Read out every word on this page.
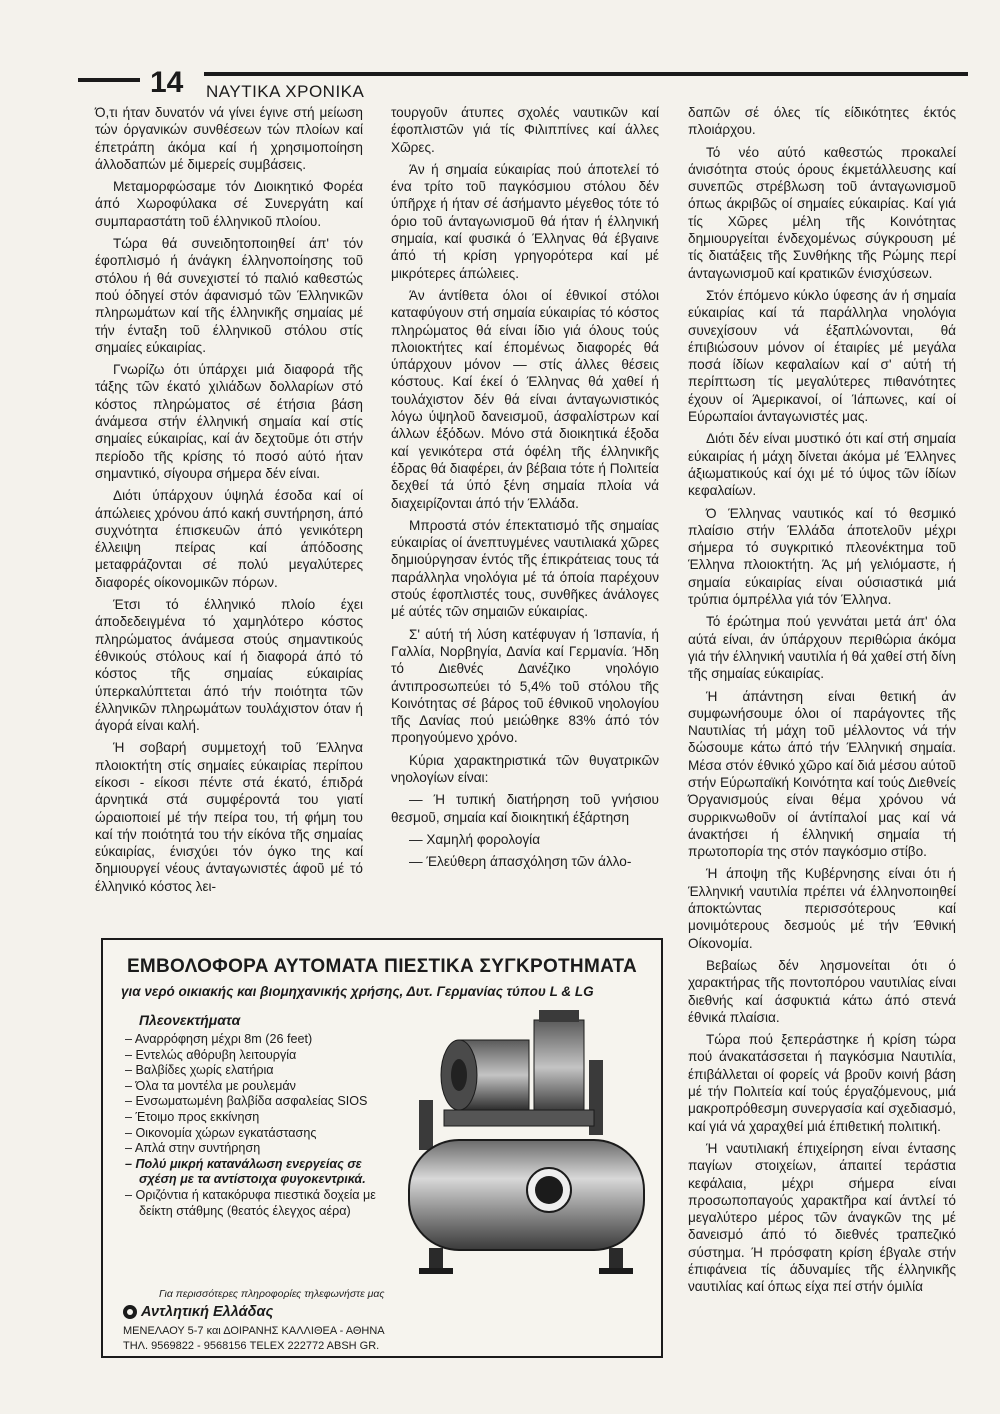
14 ΝΑΥΤΙΚΑ ΧΡΟΝΙΚΑ

Ό,τι ήταν δυνατόν νά γίνει έγινε στή μείωση τών όργανικών συνθέσεων τών πλοίων καί έπετράπη άκόμα καί ή χρησιμοποίηση άλλοδαπών μέ διμερείς συμβάσεις.

Μεταμορφώσαμε τόν Διοικητικό Φορέα άπό Χωροφύλακα σέ Συνεργάτη καί συμπαραστάτη τοῦ έλληνικοῦ πλοίου.

Τώρα θά συνειδητοποιηθεί άπ' τόν έφοπλισμό ή άνάγκη έλληνοποίησης τοῦ στόλου ή θά συνεχιστεί τό παλιό καθεστώς πού όδηγεί στόν άφανισμό τῶν Έλληνικῶν πληρωμάτων καί τῆς έλληνικῆς σημαίας μέ τήν ένταξη τοῦ έλληνικοῦ στόλου στίς σημαίες εύκαιρίας.

Γνωρίζω ότι ύπάρχει μιά διαφορά τῆς τάξης τῶν έκατό χιλιάδων δολλαρίων στό κόστος πληρώματος σέ έτήσια βάση άνάμεσα στήν έλληνική σημαία καί στίς σημαίες εύκαιρίας, καί άν δεχτοῦμε ότι στήν περίοδο τῆς κρίσης τό ποσό αύτό ήταν σημαντικό, σίγουρα σήμερα δέν είναι.

Διότι ύπάρχουν ύψηλά έσοδα καί οί άπώλειες χρόνου άπό κακή συντήρηση, άπό συχνότητα έπισκευῶν άπό γενικότερη έλλειψη πείρας καί άπόδοσης μεταφράζονται σέ πολύ μεγαλύτερες διαφορές οίκονομικῶν πόρων.

Έτσι τό έλληνικό πλοίο έχει άποδεδειγμένα τό χαμηλότερο κόστος πληρώματος άνάμεσα στούς σημαντικούς έθνικούς στόλους καί ή διαφορά άπό τό κόστος τῆς σημαίας εύκαιρίας ύπερκαλύπτεται άπό τήν ποιότητα τῶν έλληνικῶν πληρωμάτων τουλάχιστον όταν ή άγορά είναι καλή.

Ή σοβαρή συμμετοχή τοῦ Έλληνα πλοιοκτήτη στίς σημαίες εύκαιρίας περίπου είκοσι - είκοσι πέντε στά έκατό, έπιδρά άρνητικά στά συμφέροντά του γιατί ώραιοποιεί μέ τήν πείρα του, τή φήμη του καί τήν ποιότητά του τήν είκόνα τῆς σημαίας εύκαιρίας, ένισχύει τόν όγκο της καί δημιουργεί νέους άνταγωνιστές άφοῦ μέ τό έλληνικό κόστος λει-

τουργοῦν άτυπες σχολές ναυτικῶν καί έφοπλιστῶν γιά τίς Φιλιππίνες καί άλλες Χῶρες.

Άν ή σημαία εύκαιρίας πού άποτελεί τό ένα τρίτο τοῦ παγκόσμιου στόλου δέν ύπῆρχε ή ήταν σέ άσήμαντο μέγεθος τότε τό όριο τοῦ άνταγωνισμοῦ θά ήταν ή έλληνική σημαία, καί φυσικά ό Έλληνας θά έβγαινε άπό τή κρίση γρηγορότερα καί μέ μικρότερες άπώλειες.

Άν άντίθετα όλοι οί έθνικοί στόλοι καταφύγουν στή σημαία εύκαιρίας τό κόστος πληρώματος θά είναι ίδιο γιά όλους τούς πλοιοκτήτες καί έπομένως διαφορές θά ύπάρχουν μόνον — στίς άλλες θέσεις κόστους. Καί έκεί ό Έλληνας θά χαθεί ή τουλάχιστον δέν θά είναι άνταγωνιστικός λόγω ύψηλοῦ δανεισμοῦ, άσφαλίστρων καί άλλων έξόδων. Μόνο στά διοικητικά έξοδα καί γενικότερα στά όφέλη τῆς έλληνικῆς έδρας θά διαφέρει, άν βέβαια τότε ή Πολιτεία δεχθεί τά ύπό ξένη σημαία πλοία νά διαχειρίζονται άπό τήν Έλλάδα.

Μπροστά στόν έπεκτατισμό τῆς σημαίας εύκαιρίας οί άνεπτυγμένες ναυτιλιακά χῶρες δημιούργησαν έντός τῆς έπικράτειας τους τά παράλληλα νηολόγια μέ τά όποία παρέχουν στούς έφοπλιστές τους, συνθῆκες άνάλογες μέ αύτές τῶν σημαιῶν εύκαιρίας.

Σ' αύτή τή λύση κατέφυγαν ή Ίσπανία, ή Γαλλία, Νορβηγία, Δανία καί Γερμανία. Ήδη τό Διεθνές Δανέζικο νηολόγιο άντιπροσωπεύει τό 5,4% τοῦ στόλου τῆς Κοινότητας σέ βάρος τοῦ έθνικοῦ νηολογίου τῆς Δανίας πού μειώθηκε 83% άπό τόν προηγούμενο χρόνο.

Κύρια χαρακτηριστικά τῶν θυγατρικῶν νηολογίων είναι:

— Ή τυπική διατήρηση τοῦ γνήσιου θεσμοῦ, σημαία καί διοικητική έξάρτηση

— Χαμηλή φορολογία

— Έλεύθερη άπασχόληση τῶν άλλο-

δαπῶν σέ όλες τίς είδικότητες έκτός πλοιάρχου.

Τό νέο αύτό καθεστώς προκαλεί άνισότητα στούς όρους έκμετάλλευσης καί συνεπῶς στρέβλωση τοῦ άνταγωνισμοῦ όπως άκριβῶς οί σημαίες εύκαιρίας. Καί γιά τίς Χῶρες μέλη τῆς Κοινότητας δημιουργείται ένδεχομένως σύγκρουση μέ τίς διατάξεις τῆς Συνθήκης τῆς Ρώμης περί άνταγωνισμοῦ καί κρατικῶν ένισχύσεων.

Στόν έπόμενο κύκλο ύφεσης άν ή σημαία εύκαιρίας καί τά παράλληλα νηολόγια συνεχίσουν νά έξαπλώνονται, θά έπιβιώσουν μόνον οί έταιρίες μέ μεγάλα ποσά ίδίων κεφαλαίων καί σ' αύτή τή περίπτωση τίς μεγαλύτερες πιθανότητες έχουν οί Άμερικανοί, οί Ίάπωνες, καί οί Εύρωπαίοι άνταγωνιστές μας.

Διότι δέν είναι μυστικό ότι καί στή σημαία εύκαιρίας ή μάχη δίνεται άκόμα μέ Έλληνες άξιωματικούς καί όχι μέ τό ύψος τῶν ίδίων κεφαλαίων.

Ό Έλληνας ναυτικός καί τό θεσμικό πλαίσιο στήν Έλλάδα άποτελοῦν μέχρι σήμερα τό συγκριτικό πλεονέκτημα τοῦ Έλληνα πλοιοκτήτη. Άς μή γελιόμαστε, ή σημαία εύκαιρίας είναι ούσιαστικά μιά τρύπια όμπρέλλα γιά τόν Έλληνα.

Τό έρώτημα πού γεννάται μετά άπ' όλα αύτά είναι, άν ύπάρχουν περιθώρια άκόμα γιά τήν έλληνική ναυτιλία ή θά χαθεί στή δίνη τῆς σημαίας εύκαιρίας.

Ή άπάντηση είναι θετική άν συμφωνήσουμε όλοι οί παράγοντες τῆς Ναυτιλίας τή μάχη τοῦ μέλλοντος νά τήν δώσουμε κάτω άπό τήν Έλληνική σημαία. Μέσα στόν έθνικό χῶρο καί διά μέσου αύτοῦ στήν Εύρωπαϊκή Κοινότητα καί τούς Διεθνείς Όργανισμούς είναι θέμα χρόνου νά συρρικνωθοῦν οί άντίπαλοί μας καί νά άνακτήσει ή έλληνική σημαία τή πρωτοπορία της στόν παγκόσμιο στίβο.

Ή άποψη τῆς Κυβέρνησης είναι ότι ή Έλληνική ναυτιλία πρέπει νά έλληνοποιηθεί άποκτώντας περισσότερους καί μονιμότερους δεσμούς μέ τήν Έθνική Οίκονομία.

Βεβαίως δέν λησμονείται ότι ό χαρακτήρας τῆς ποντοπόρου ναυτιλίας είναι διεθνής καί άσφυκτιά κάτω άπό στενά έθνικά πλαίσια.

Τώρα πού ξεπεράστηκε ή κρίση τώρα πού άνακατάσσεται ή παγκόσμια Ναυτιλία, έπιβάλλεται οί φορείς νά βροῦν κοινή βάση μέ τήν Πολιτεία καί τούς έργαζόμενους, μιά μακροπρόθεσμη συνεργασία καί σχεδιασμό, καί γιά νά χαραχθεί μιά έπιθετική πολιτική.

Ή ναυτιλιακή έπιχείρηση είναι έντασης παγίων στοιχείων, άπαιτεί τεράστια κεφάλαια, μέχρι σήμερα είναι προσωποπαγούς χαρακτῆρα καί άντλεί τό μεγαλύτερο μέρος τῶν άναγκῶν της μέ δανεισμό άπό τό διεθνές τραπεζικό σύστημα. Ή πρόσφατη κρίση έβγαλε στήν έπιφάνεια τίς άδυναμίες τῆς έλληνικῆς ναυτιλίας καί όπως είχα πεί στήν όμιλία

ΕΜΒΟΛΟΦΟΡΑ ΑΥΤΟΜΑΤΑ ΠΙΕΣΤΙΚΑ ΣΥΓΚΡΟΤΗΜΑΤΑ
για νερό οικιακής και βιομηχανικής χρήσης, Δυτ. Γερμανίας τύπου L & LG
Πλεονεκτήματα
– Αναρρόφηση μέχρι 8m (26 feet)
– Εντελώς αθόρυβη λειτουργία
– Βαλβίδες χωρίς ελατήρια
– Όλα τα μοντέλα με ρουλεμάν
– Ενσωματωμένη βαλβίδα ασφαλείας SIOS
– Έτοιμο προς εκκίνηση
– Οικονομία χώρων εγκατάστασης
– Απλά στην συντήρηση
– Πολύ μικρή κατανάλωση ενεργείας σε σχέση με τα αντίστοιχα φυγοκεντρικά.
– Οριζόντια ή κατακόρυφα πιεστικά δοχεία με δείκτη στάθμης (θεατός έλεγχος αέρα)
Για περισσότερες πληροφορίες τηλεφωνήστε μας
Αντλητική Ελλάδας
ΜΕΝΕΛΑΟΥ 5-7 και ΔΟΙΡΑΝΗΣ ΚΑΛΛΙΘΕΑ - ΑΘΗΝΑ
ΤΗΛ. 9569822 - 9568156 TELEX 222772 ABSH GR.
